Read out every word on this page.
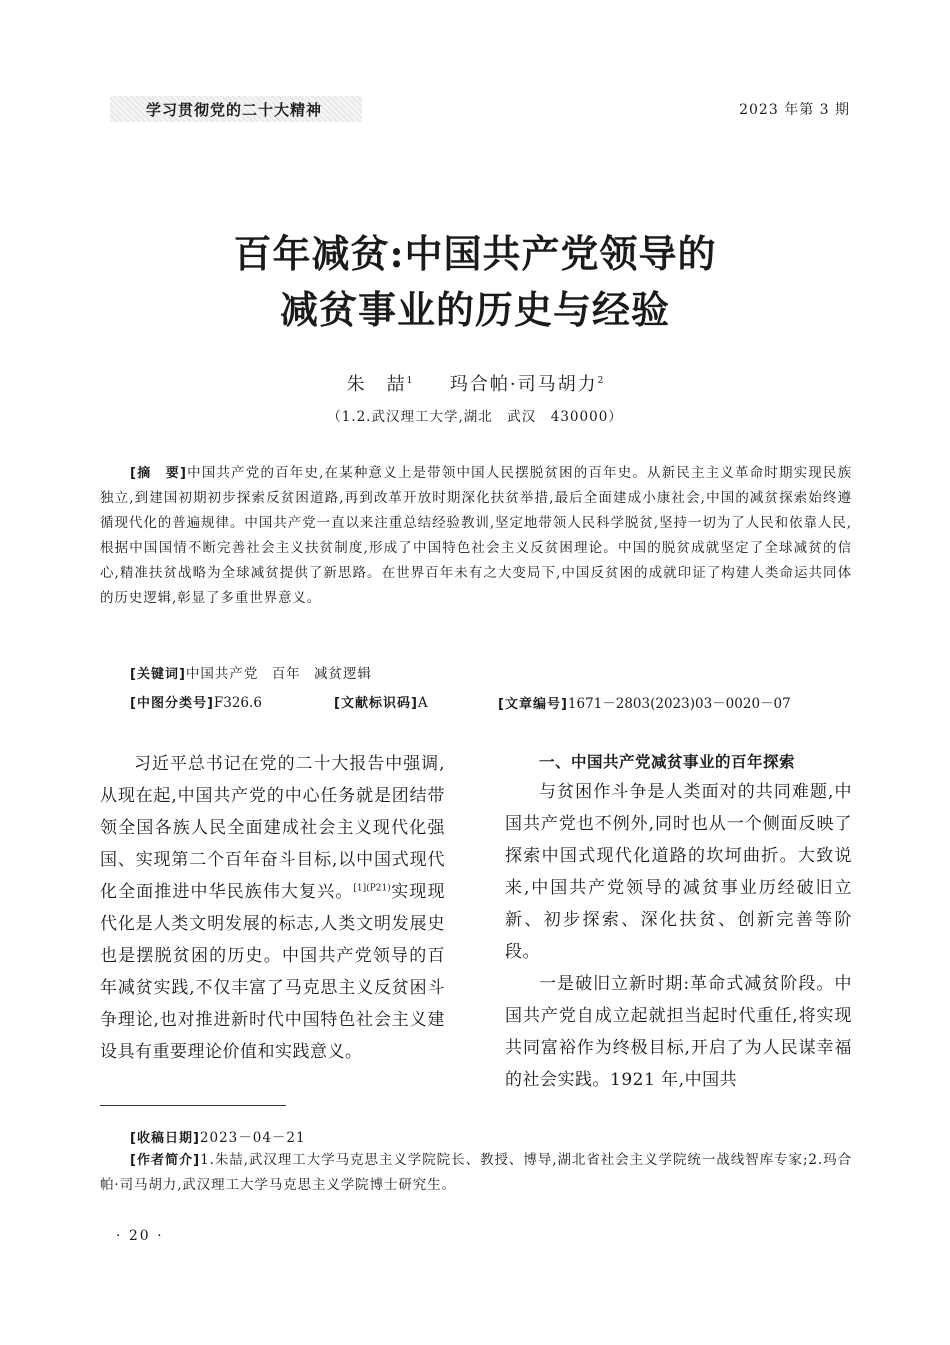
学习贯彻党的二十大精神	2023 年第 3 期
百年减贫:中国共产党领导的
减贫事业的历史与经验
朱　喆$^1$ 玛合帕·司马胡力$^2$
（1.2.武汉理工大学,湖北　武汉　430000）
[摘　要]中国共产党的百年史,在某种意义上是带领中国人民摆脱贫困的百年史。从新民主主义革命时期实现民族独立,到建国初期初步探索反贫困道路,再到改革开放时期深化扶贫举措,最后全面建成小康社会,中国的减贫探索始终遵循现代化的普遍规律。中国共产党一直以来注重总结经验教训,坚定地带领人民科学脱贫,坚持一切为了人民和依靠人民,根据中国国情不断完善社会主义扶贫制度,形成了中国特色社会主义反贫困理论。中国的脱贫成就坚定了全球减贫的信心,精准扶贫战略为全球减贫提供了新思路。在世界百年未有之大变局下,中国反贫困的成就印证了构建人类命运共同体的历史逻辑,彰显了多重世界意义。
[关键词]中国共产党 百年 减贫逻辑
[中图分类号]F326.6	[文献标识码]A	[文章编号]1671－2803(2023)03－0020－07

习近平总书记在党的二十大报告中强调,从现在起,中国共产党的中心任务就是团结带领全国各族人民全面建成社会主义现代化强国、实现第二个百年奋斗目标,以中国式现代化全面推进中华民族伟大复兴。$^{[1](P21)}$实现现代化是人类文明发展的标志,人类文明发展史也是摆脱贫困的历史。中国共产党领导的百年减贫实践,不仅丰富了马克思主义反贫困斗争理论,也对推进新时代中国特色社会主义建设具有重要理论价值和实践意义。

一、中国共产党减贫事业的百年探索

与贫困作斗争是人类面对的共同难题,中国共产党也不例外,同时也从一个侧面反映了探索中国式现代化道路的坎坷曲折。大致说来,中国共产党领导的减贫事业历经破旧立新、初步探索、深化扶贫、创新完善等阶段。

一是破旧立新时期:革命式减贫阶段。中国共产党自成立起就担当起时代重任,将实现共同富裕作为终极目标,开启了为人民谋幸福的社会实践。1921 年,中国共

[收稿日期]2023－04－21
[作者简介]1.朱喆,武汉理工大学马克思主义学院院长、教授、博导,湖北省社会主义学院统一战线智库专家;2.玛合帕·司马胡力,武汉理工大学马克思主义学院博士研究生。
· 20 ·
